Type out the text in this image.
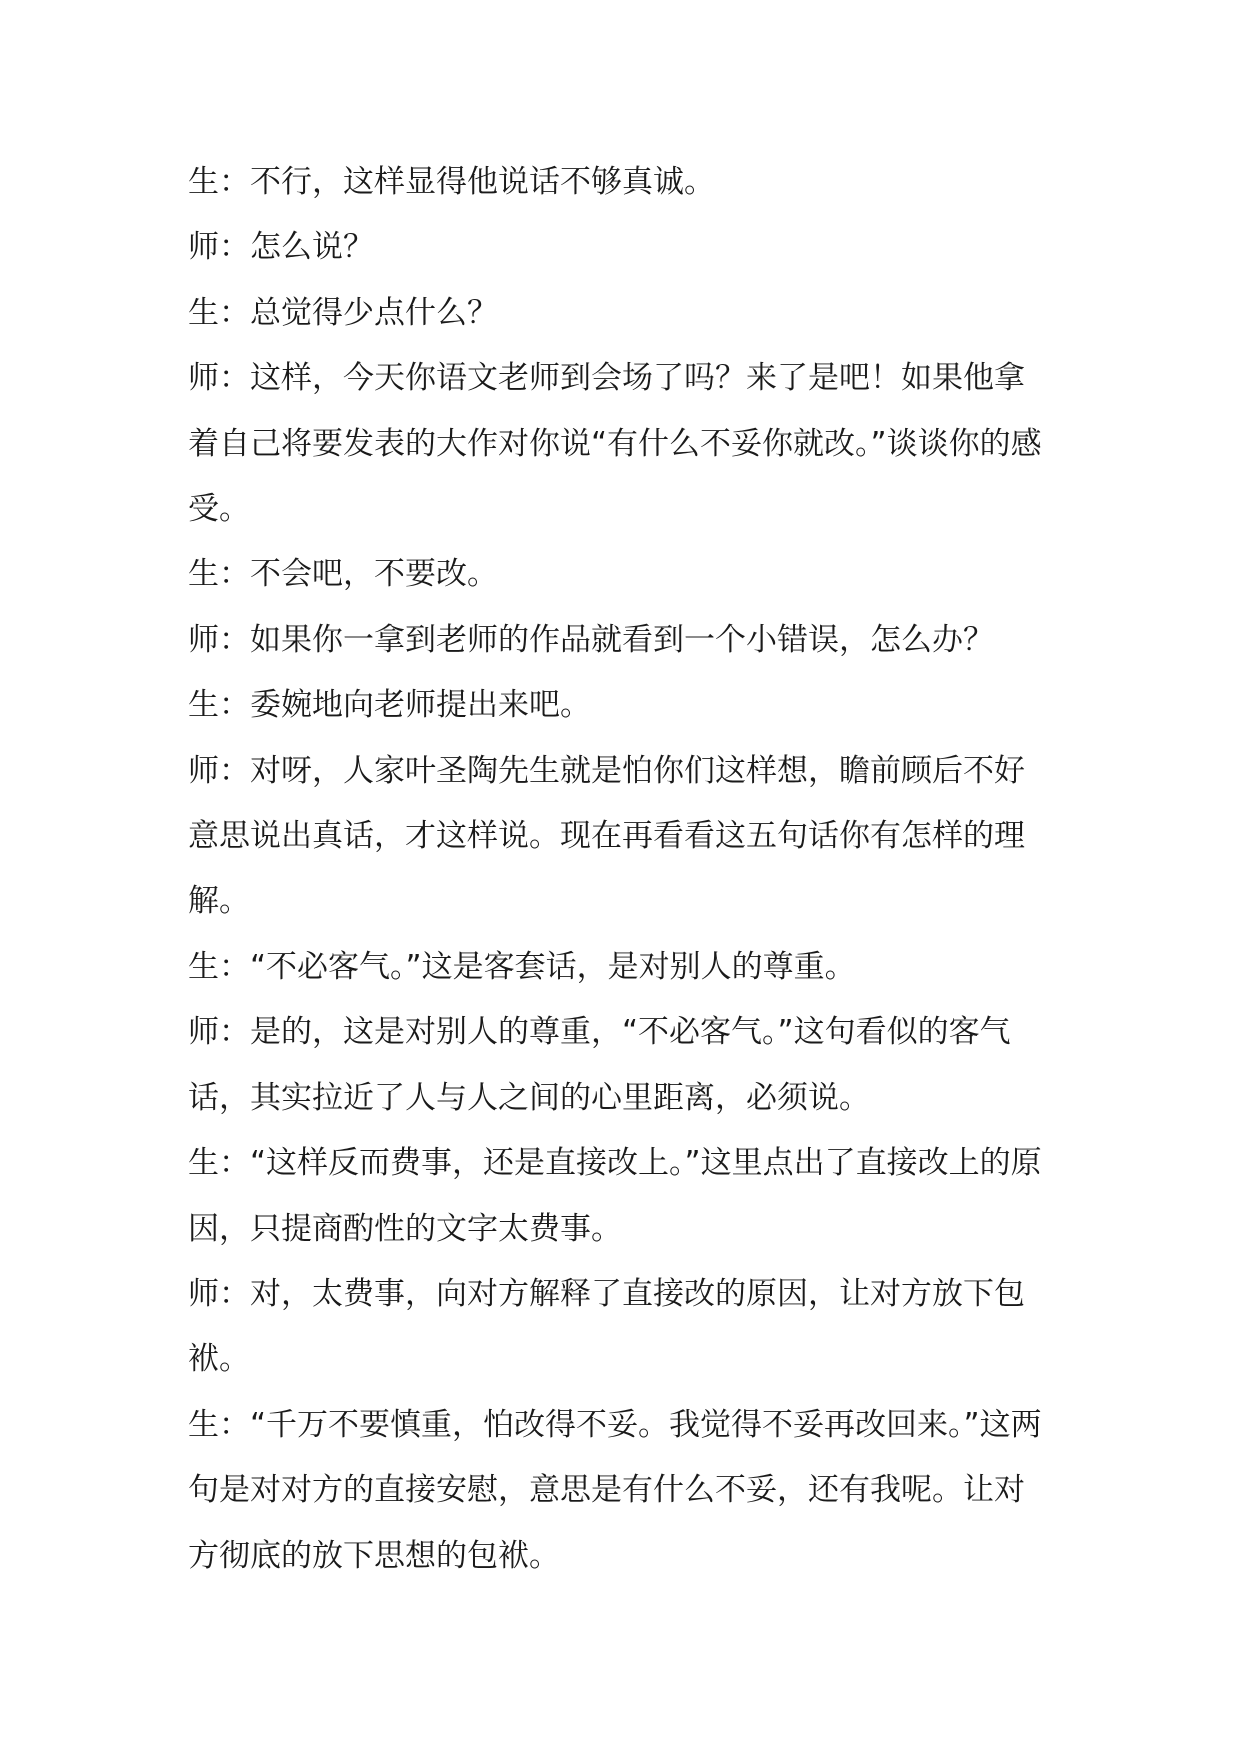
生：不行，这样显得他说话不够真诚。

师：怎么说？

生：总觉得少点什么？

师：这样，今天你语文老师到会场了吗？来了是吧！如果他拿着自己将要发表的大作对你说“有什么不妥你就改。”谈谈你的感受。

生：不会吧，不要改。

师：如果你一拿到老师的作品就看到一个小错误，怎么办？

生：委婉地向老师提出来吧。

师：对呀，人家叶圣陶先生就是怕你们这样想，瞻前顾后不好意思说出真话，才这样说。现在再看看这五句话你有怎样的理解。

生：“不必客气。”这是客套话，是对别人的尊重。

师：是的，这是对别人的尊重，“不必客气。”这句看似的客气话，其实拉近了人与人之间的心里距离，必须说。

生：“这样反而费事，还是直接改上。”这里点出了直接改上的原因，只提商酌性的文字太费事。

师：对，太费事，向对方解释了直接改的原因，让对方放下包袱。

生：“千万不要慎重，怕改得不妥。我觉得不妥再改回来。”这两句是对对方的直接安慰，意思是有什么不妥，还有我呢。让对方彻底的放下思想的包袱。
